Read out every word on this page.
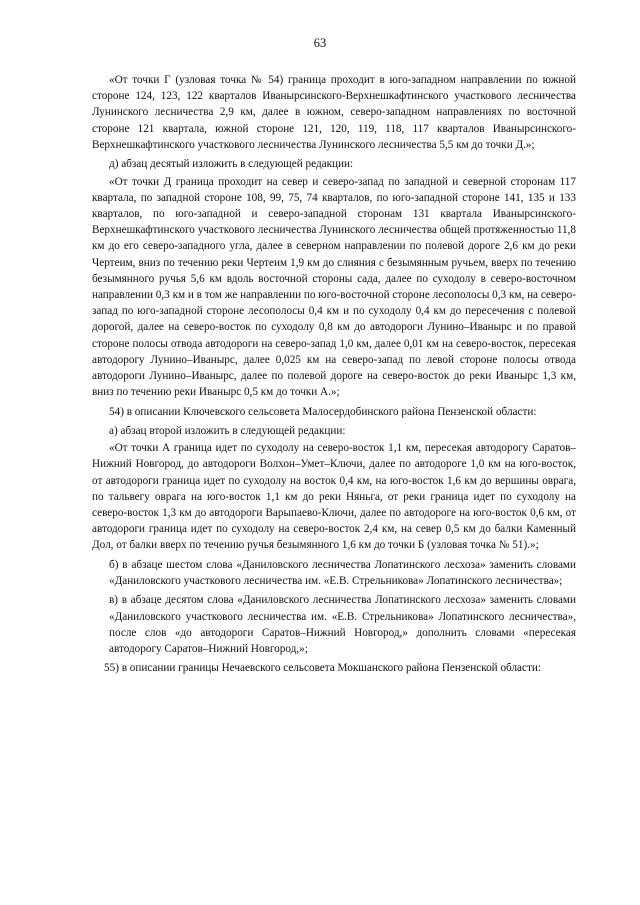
63

«От точки Г (узловая точка № 54) граница проходит в юго-западном направлении по южной стороне 124, 123, 122 кварталов Иваныpсинского-Верхнешкафтинского участкового лесничества Лунинского лесничества 2,9 км, далее в южном, северо-западном направлениях по восточной стороне 121 квартала, южной стороне 121, 120, 119, 118, 117 кварталов Иваныpсинского-Верхнешкафтинского участкового лесничества Лунинского лесничества 5,5 км до точки Д.»;

д) абзац десятый изложить в следующей редакции:

«От точки Д граница проходит на север и северо-запад по западной и северной сторонам 117 квартала, по западной стороне 108, 99, 75, 74 кварталов, по юго-западной стороне 141, 135 и 133 кварталов, по юго-западной и северо-западной сторонам 131 квартала Иваныpсинского-Верхнешкафтинского участкового лесничества Лунинского лесничества общей протяженностью 11,8 км до его северо-западного угла, далее в северном направлении по полевой дороге 2,6 км до реки Чертеим, вниз по течению реки Чертеим 1,9 км до слияния с безымянным ручьем, вверх по течению безымянного ручья 5,6 км вдоль восточной стороны сада, далее по суходолу в северо-восточном направлении 0,3 км и в том же направлении по юго-восточной стороне лесополосы 0,3 км, на северо-запад по юго-западной стороне лесополосы 0,4 км и по суходолу 0,4 км до пересечения с полевой дорогой, далее на северо-восток по суходолу 0,8 км до автодороги Лунино–Иваныpс и по правой стороне полосы отвода автодороги на северо-запад 1,0 км, далее 0,01 км на северо-восток, пересекая автодорогу Лунино–Иваныpс, далее 0,025 км на северо-запад по левой стороне полосы отвода автодороги Лунино–Иваныpс, далее по полевой дороге на северо-восток до реки Иваныpс 1,3 км, вниз по течению реки Иваныpс 0,5 км до точки А.»;

54) в описании Ключевского сельсовета Малосердобинского района Пензенской области:

а) абзац второй изложить в следующей редакции:

«От точки А граница идет по суходолу на северо-восток 1,1 км, пересекая автодорогу Саратов–Нижний Новгород, до автодороги Волхон–Умет–Ключи, далее по автодороге 1,0 км на юго-восток, от автодороги граница идет по суходолу на восток 0,4 км, на юго-восток 1,6 км до вершины оврага, по тальвегу оврага на юго-восток 1,1 км до реки Няньга, от реки граница идет по суходолу на северо-восток 1,3 км до автодороги Варыпаево-Ключи, далее по автодороге на юго-восток 0,6 км, от автодороги граница идет по суходолу на северо-восток 2,4 км, на север 0,5 км до балки Каменный Дол, от балки вверх по течению ручья безымянного 1,6 км до точки Б (узловая точка № 51).»;

б) в абзаце шестом слова «Даниловского лесничества Лопатинского лесхоза» заменить словами «Даниловского участкового лесничества им. «Е.В. Стрельникова» Лопатинского лесничества»;

в) в абзаце десятом слова «Даниловского лесничества Лопатинского лесхоза» заменить словами «Даниловского участкового лесничества им. «Е.В. Стрельникова» Лопатинского лесничества», после слов «до автодороги Саратов–Нижний Новгород,» дополнить словами «пересекая автодорогу Саратов–Нижний Новгород,»;

55) в описании границы Нечаевского сельсовета Мокшанского района Пензенской области:
